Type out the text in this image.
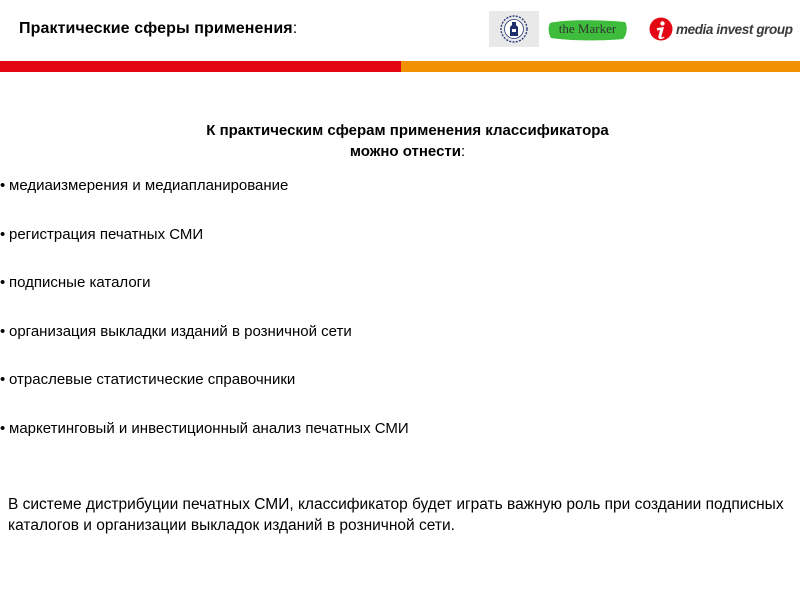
Практические сферы применения:	the Marker	media invest group
К практическим сферам применения классификатора
можно отнести:
• медиаизмерения и медиапланирование
• регистрация печатных СМИ
• подписные каталоги
• организация выкладки изданий в розничной сети
• отраслевые статистические справочники
• маркетинговый и инвестиционный анализ печатных СМИ
В системе дистрибуции печатных СМИ, классификатор будет играть важную роль при создании подписных каталогов и организации выкладок изданий в розничной сети.
